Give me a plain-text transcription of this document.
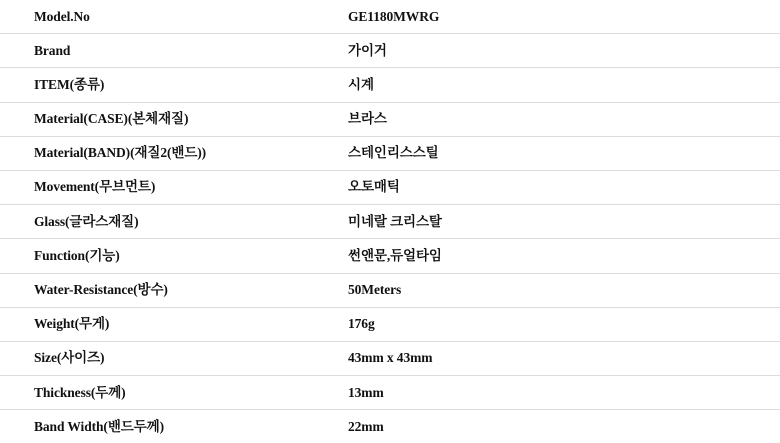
Model.No	GE1180MWRG
Brand	가이거
ITEM(종류)	시계
Material(CASE)(본체재질)	브라스
Material(BAND)(재질2(밴드))	스테인리스스틸
Movement(무브먼트)	오토매틱
Glass(글라스재질)	미네랄 크리스탈
Function(기능)	썬앤문,듀얼타임
Water-Resistance(방수)	50Meters
Weight(무게)	176g
Size(사이즈)	43mm x 43mm
Thickness(두께)	13mm
Band Width(밴드두께)	22mm
